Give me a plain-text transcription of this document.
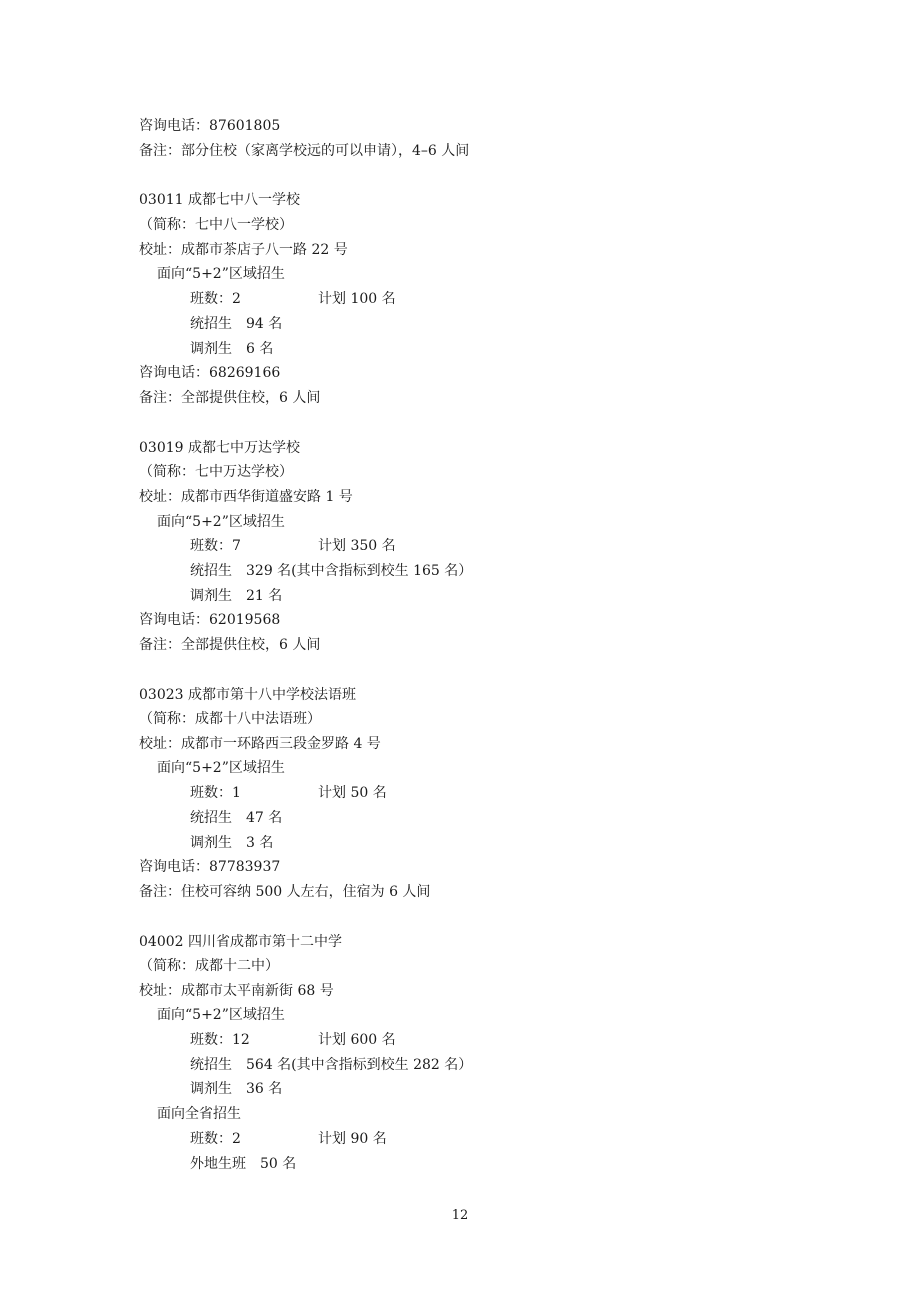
咨询电话：87601805
备注：部分住校（家离学校远的可以申请），4–6 人间
03011 成都七中八一学校
（简称：七中八一学校）
校址：成都市茶店子八一路 22 号
面向“5+2”区域招生
班数：2	计划 100 名
统招生　94 名
调剂生　6 名
咨询电话：68269166
备注：全部提供住校，6 人间
03019 成都七中万达学校
（简称：七中万达学校）
校址：成都市西华街道盛安路 1 号
面向“5+2”区域招生
班数：7	计划 350 名
统招生　329 名(其中含指标到校生 165 名）
调剂生　21 名
咨询电话：62019568
备注：全部提供住校，6 人间
03023 成都市第十八中学校法语班
（简称：成都十八中法语班）
校址：成都市一环路西三段金罗路 4 号
面向“5+2”区域招生
班数：1	计划 50 名
统招生　47 名
调剂生　3 名
咨询电话：87783937
备注：住校可容纳 500 人左右，住宿为 6 人间
04002 四川省成都市第十二中学
（简称：成都十二中）
校址：成都市太平南新街 68 号
面向“5+2”区域招生
班数：12	计划 600 名
统招生　564 名(其中含指标到校生 282 名）
调剂生　36 名
面向全省招生
班数：2	计划 90 名
外地生班　50 名
12
